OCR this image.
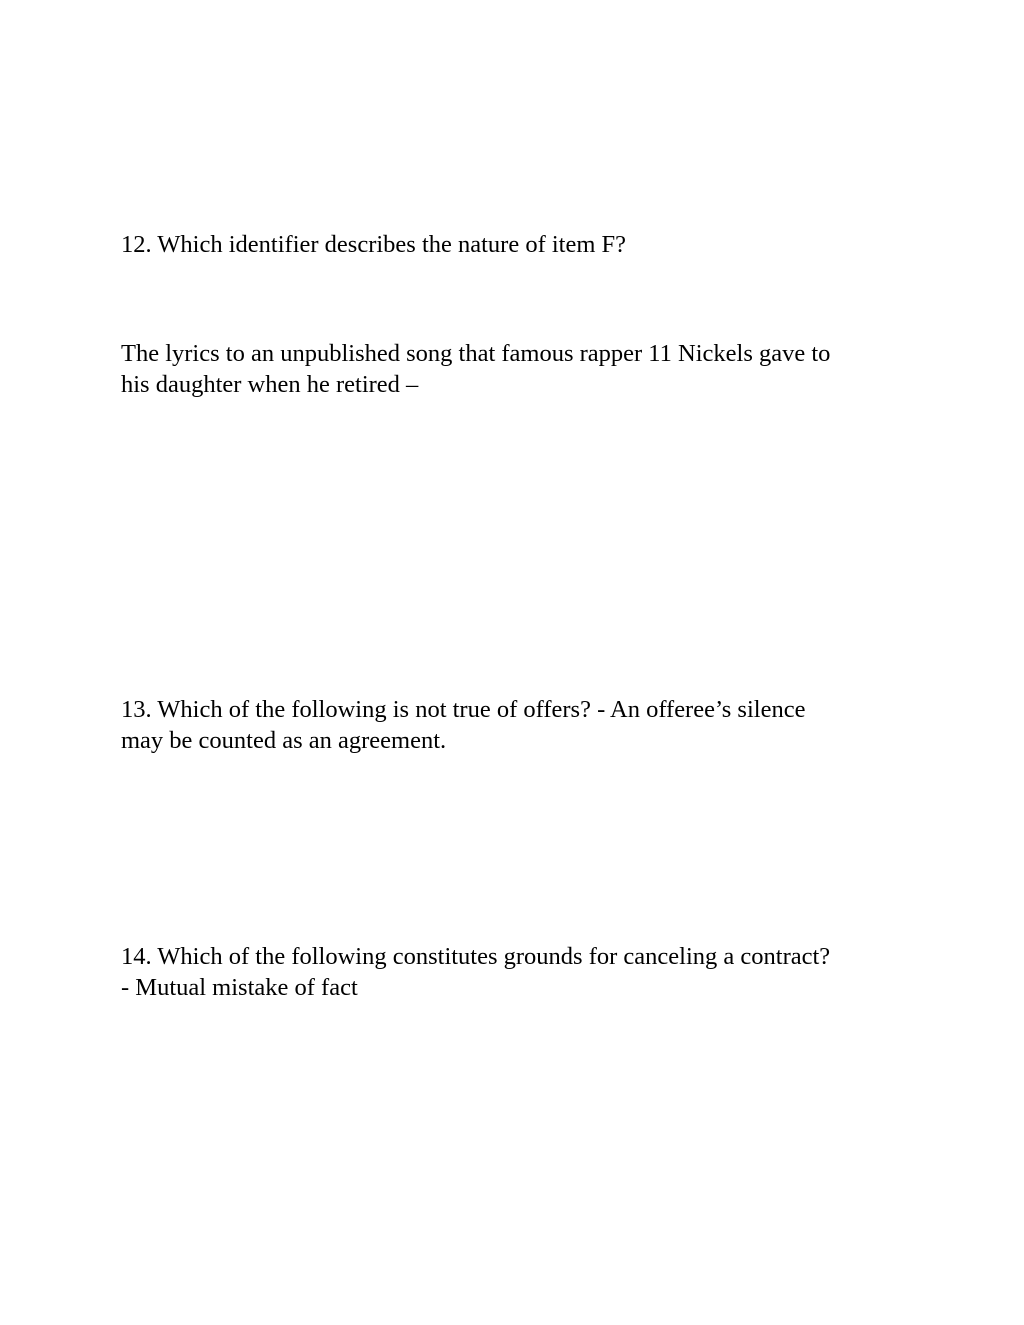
12. Which identifier describes the nature of item F?

The lyrics to an unpublished song that famous rapper 11 Nickels gave to
his daughter when he retired –

13. Which of the following is not true of offers? - An offeree’s silence
may be counted as an agreement.

14. Which of the following constitutes grounds for canceling a contract?
- Mutual mistake of fact
